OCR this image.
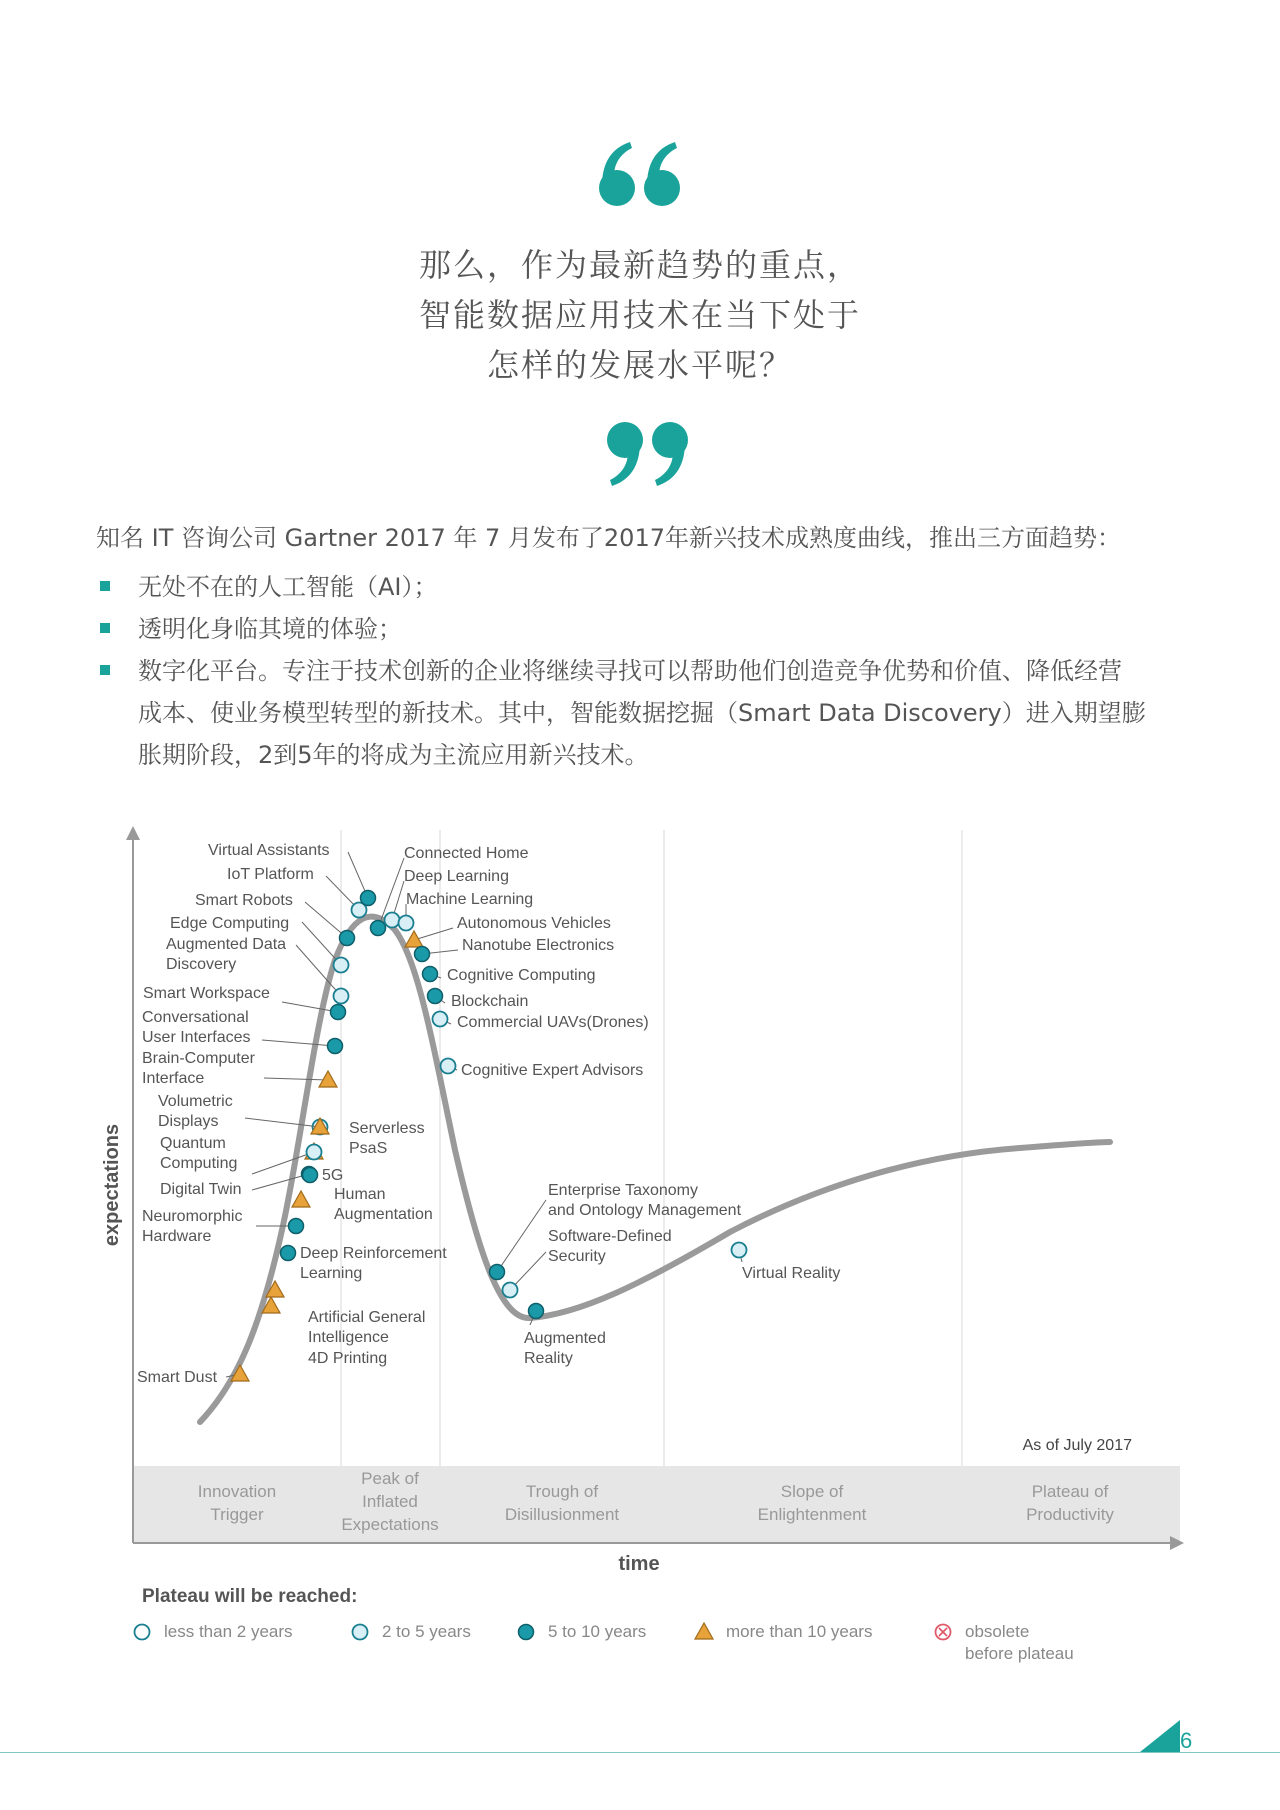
那么，作为最新趋势的重点，
智能数据应用技术在当下处于
怎样的发展水平呢？
知名 IT 咨询公司 Gartner 2017 年 7 月发布了2017年新兴技术成熟度曲线，推出三方面趋势：
无处不在的人工智能（AI）；
透明化身临其境的体验；
数字化平台。专注于技术创新的企业将继续寻找可以帮助他们创造竞争优势和价值、降低经营
成本、使业务模型转型的新技术。其中，智能数据挖掘（Smart Data Discovery）进入期望膨
胀期阶段，2到5年的将成为主流应用新兴技术。
Innovation Trigger
Peak of Inflated Expectations
Trough of Disillusionment
Slope of Enlightenment
Plateau of Productivity
time
expectations
As of July 2017
Smart Dust
4D Printing
Artificial General Intelligence
Deep Reinforcement Learning
Neuromorphic Hardware
Human Augmentation
Digital Twin
5G
Quantum Computing
PsaS
Serverless
Volumetric Displays
Brain-Computer Interface
Conversational User Interfaces
Smart Workspace
Augmented Data Discovery
Edge Computing
Smart Robots
IoT Platform
Virtual Assistants	Connected Home
Deep Learning
Machine Learning
Autonomous Vehicles
Nanotube Electronics
Cognitive Computing
Blockchain
Commercial UAVs(Drones)
Cognitive Expert Advisors
Enterprise Taxonomy and Ontology Management
Software-Defined Security
Augmented Reality
Virtual Reality
Plateau will be reached:
less than 2 years	2 to 5 years	5 to 10 years	more than 10 years	obsolete before plateau
6
